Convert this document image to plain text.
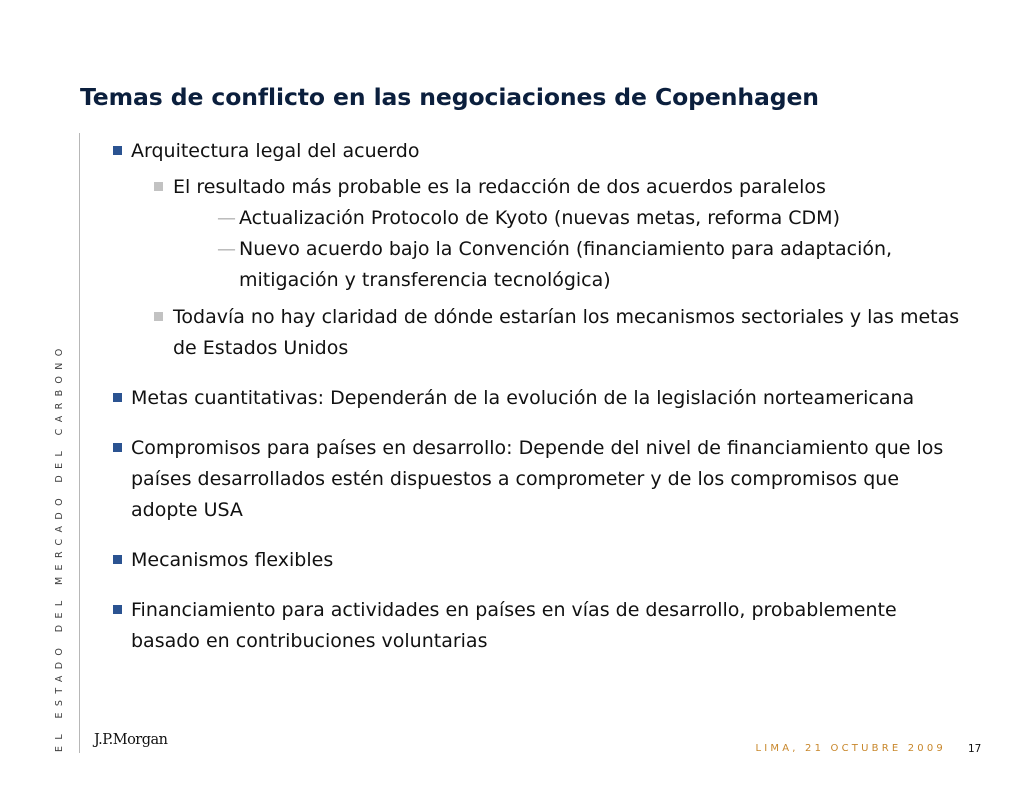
Temas de conflicto en las negociaciones de Copenhagen
EL ESTADO DEL MERCADO DEL CARBONO
Arquitectura legal del acuerdo
El resultado más probable es la redacción de dos acuerdos paralelos
— Actualización Protocolo de Kyoto (nuevas metas, reforma CDM)
— Nuevo acuerdo bajo la Convención (financiamiento para adaptación, mitigación y transferencia tecnológica)
Todavía no hay claridad de dónde estarían los mecanismos sectoriales y las metas de Estados Unidos
Metas cuantitativas: Dependerán de la evolución de la legislación norteamericana
Compromisos para países en desarrollo: Depende del nivel de financiamiento que los países desarrollados estén dispuestos a comprometer y de los compromisos que adopte USA
Mecanismos flexibles
Financiamiento para actividades en países en vías de desarrollo, probablemente basado en contribuciones voluntarias
J.P.Morgan
LIMA, 21 OCTUBRE 2009 17
